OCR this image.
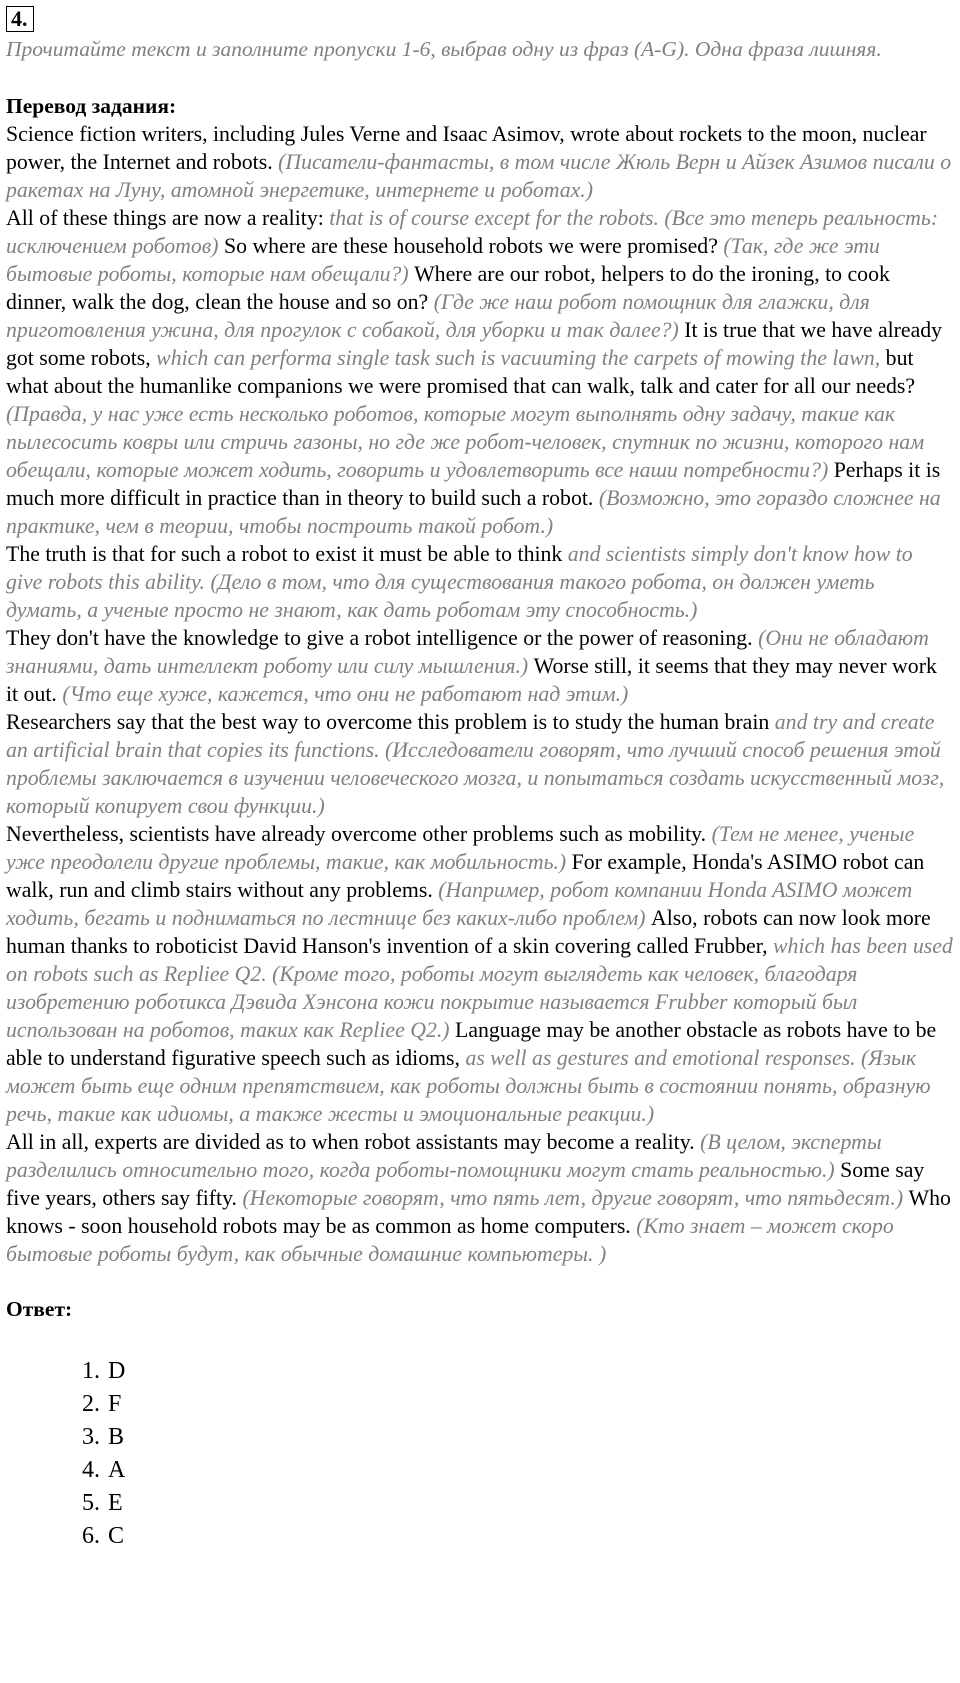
4.

Прочитайте текст и заполните пропуски 1-6, выбрав одну из фраз (A-G). Одна фраза лишняя.

Перевод задания:

Science fiction writers, including Jules Verne and Isaac Asimov, wrote about rockets to the moon, nuclear power, the Internet and robots. (Писатели-фантасты, в том числе Жюль Верн и Айзек Азимов писали о ракетах на Луну, атомной энергетике, интернете и роботах.)
All of these things are now a reality: that is of course except for the robots. (Все это теперь реальность: исключением роботов) So where are these household robots we were promised? (Так, где же эти бытовые роботы, которые нам обещали?) Where are our robot, helpers to do the ironing, to cook dinner, walk the dog, clean the house and so on? (Где же наш робот помощник для глажки, для приготовления ужина, для прогулок с собакой, для уборки и так далее?) It is true that we have already got some robots, which can performa single task such is vacuuming the carpets of mowing the lawn, but what about the humanlike companions we were promised that can walk, talk and cater for all our needs? (Правда, у нас уже есть несколько роботов, которые могут выполнять одну задачу, такие как пылесосить ковры или стричь газоны, но где же робот-человек, спутник по жизни, которого нам обещали, которые может ходить, говорить и удовлетворить все наши потребности?) Perhaps it is much more difficult in practice than in theory to build such a robot. (Возможно, это гораздо сложнее на практике, чем в теории, чтобы построить такой робот.)
The truth is that for such a robot to exist it must be able to think and scientists simply don't know how to give robots this ability. (Дело в том, что для существования такого робота, он должен уметь думать, а ученые просто не знают, как дать роботам эту способность.)
They don't have the knowledge to give a robot intelligence or the power of reasoning. (Они не обладают знаниями, дать интеллект роботу или силу мышления.) Worse still, it seems that they may never work it out. (Что еще хуже, кажется, что они не работают над этим.)
Researchers say that the best way to overcome this problem is to study the human brain and try and create an artificial brain that copies its functions. (Исследователи говорят, что лучший способ решения этой проблемы заключается в изучении человеческого мозга, и попытаться создать искусственный мозг, который копирует свои функции.)
Nevertheless, scientists have already overcome other problems such as mobility. (Тем не менее, ученые уже преодолели другие проблемы, такие, как мобильность.) For example, Honda's ASIMO robot can walk, run and climb stairs without any problems. (Например, робот компании Honda ASIMO может ходить, бегать и подниматься по лестнице без каких-либо проблем) Also, robots can now look more human thanks to roboticist David Hanson's invention of a skin covering called Frubber, which has been used on robots such as Repliee Q2. (Кроме того, роботы могут выглядеть как человек, благодаря изобретению робоτикса Дэвида Хэнсона кожи покрытие называется Frubber который был использован на роботов, таких как Repliee Q2.) Language may be another obstacle as robots have to be able to understand figurative speech such as idioms, as well as gestures and emotional responses. (Язык может быть еще одним препятствием, как роботы должны быть в состоянии понять, образную речь, такие как идиомы, а также жесты и эмоциональные реакции.)
All in all, experts are divided as to when robot assistants may become a reality. (В целом, эксперты разделились относительно того, когда роботы-помощники могут стать реальностью.) Some say five years, others say fifty. (Некоторые говорят, что пять лет, другие говорят, что пятьдесят.) Who knows - soon household robots may be as common as home computers. (Кто знает – может скоро бытовые роботы будут, как обычные домашние компьютеры. )

Ответ:

1. D
2. F
3. B
4. A
5. E
6. C
